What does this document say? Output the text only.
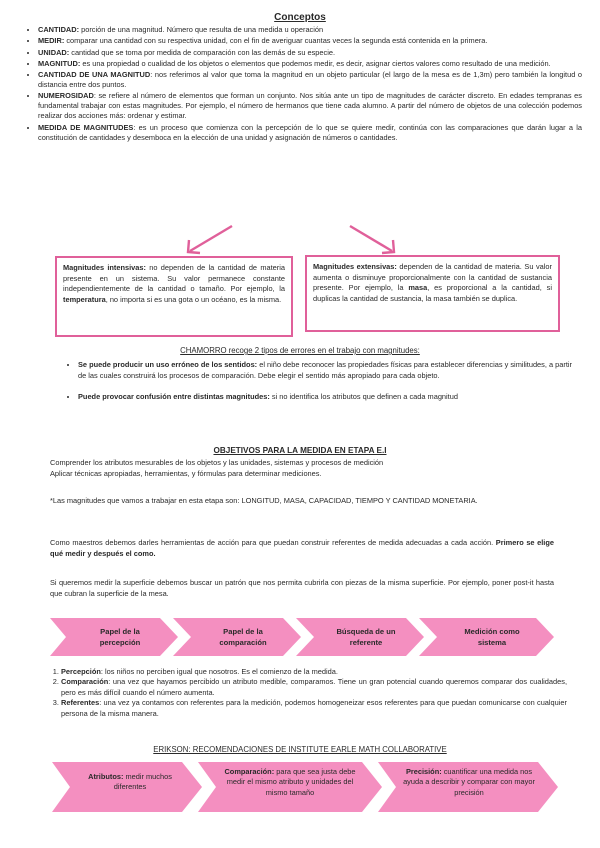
Conceptos
• CANTIDAD: porción de una magnitud. Número que resulta de una medida u operación
• MEDIR: comparar una cantidad con su respectiva unidad, con el fin de averiguar cuantas veces la segunda está contenida en la primera.
• UNIDAD: cantidad que se toma por medida de comparación con las demás de su especie.
• MAGNITUD: es una propiedad o cualidad de los objetos o elementos que podemos medir, es decir, asignar ciertos valores como resultado de una medición.
• CANTIDAD DE UNA MAGNITUD: nos referimos al valor que toma la magnitud en un objeto particular (el largo de la mesa es de 1,3m) pero también la longitud o distancia entre dos puntos.
• NUMEROSIDAD: se refiere al número de elementos que forman un conjunto. Nos sitúa ante un tipo de magnitudes de carácter discreto. En edades tempranas es fundamental trabajar con estas magnitudes. Por ejemplo, el número de hermanos que tiene cada alumno. A partir del número de objetos de una colección podemos realizar dos acciones más: ordenar y estimar.
• MEDIDA DE MAGNITUDES: es un proceso que comienza con la percepción de lo que se quiere medir, continúa con las comparaciones que darán lugar a la constitución de cantidades y desemboca en la elección de una unidad y asignación de números o cantidades.
Magnitudes intensivas: no dependen de la cantidad de materia presente en un sistema. Su valor permanece constante independientemente de la cantidad o tamaño. Por ejemplo, la temperatura, no importa si es una gota o un océano, es la misma.
Magnitudes extensivas: dependen de la cantidad de materia. Su valor aumenta o disminuye proporcionalmente con la cantidad de sustancia presente. Por ejemplo, la masa, es proporcional a la cantidad, si duplicas la cantidad de sustancia, la masa también se duplica.
CHAMORRO recoge 2 tipos de errores en el trabajo con magnitudes:
• Se puede producir un uso erróneo de los sentidos: el niño debe reconocer las propiedades físicas para establecer diferencias y similitudes, a partir de las cuales construirá los procesos de comparación. Debe elegir el sentido más apropiado para cada objeto.
• Puede provocar confusión entre distintas magnitudes: si no identifica los atributos que definen a cada magnitud
OBJETIVOS PARA LA MEDIDA EN ETAPA E.I
Comprender los atributos mesurables de los objetos y las unidades, sistemas y procesos de medición
Aplicar técnicas apropiadas, herramientas, y fórmulas para determinar mediciones.
*Las magnitudes que vamos a trabajar en esta etapa son: LONGITUD, MASA, CAPACIDAD, TIEMPO Y CANTIDAD MONETARIA.
Como maestros debemos darles herramientas de acción para que puedan construir referentes de medida adecuadas a cada acción. Primero se elige qué medir y después el como.
Si queremos medir la superficie debemos buscar un patrón que nos permita cubrirla con piezas de la misma superficie. Por ejemplo, poner post-it hasta que cubran la superficie de la mesa.
Papel de la
percepción
Papel de la
comparación
Búsqueda de un
referente
Medición como
sistema
1. Percepción: los niños no perciben igual que nosotros. Es el comienzo de la medida.
2. Comparación: una vez que hayamos percibido un atributo medible, comparamos. Tiene un gran potencial cuando queremos comparar dos cualidades, pero es más difícil cuando el número aumenta.
3. Referentes: una vez ya contamos con referentes para la medición, podemos homogeneizar esos referentes para que puedan comunicarse con cualquier persona de la misma manera.
ERIKSON: RECOMENDACIONES DE INSTITUTE EARLE MATH COLLABORATIVE
Atributos: medir muchos diferentes
Comparación: para que sea justa debe medir el mismo atributo y unidades del mismo tamaño
Precisión: cuantificar una medida nos ayuda a describir y comparar con mayor precisión
